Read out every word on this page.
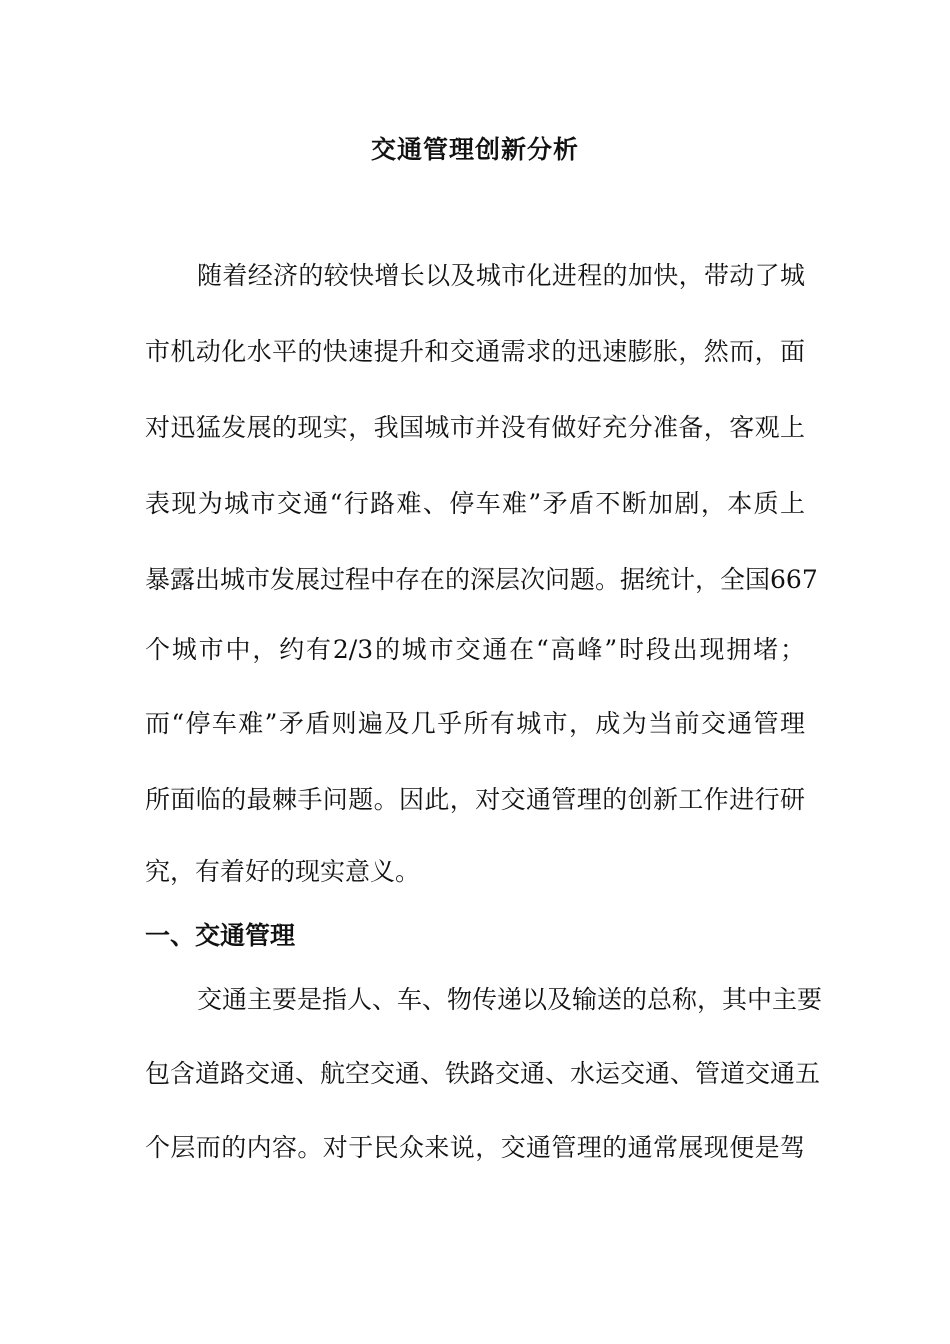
交通管理创新分析
随着经济的较快增长以及城市化进程的加快，带动了城
市机动化水平的快速提升和交通需求的迅速膨胀，然而，面
对迅猛发展的现实，我国城市并没有做好充分准备，客观上
表现为城市交通“行路难、停车难”矛盾不断加剧，本质上
暴露出城市发展过程中存在的深层次问题。据统计，全国667
个城市中，约有2/3的城市交通在“高峰”时段出现拥堵；
而“停车难”矛盾则遍及几乎所有城市，成为当前交通管理
所面临的最棘手问题。因此，对交通管理的创新工作进行研
究，有着好的现实意义。
一、交通管理
交通主要是指人、车、物传递以及输送的总称，其中主要
包含道路交通、航空交通、铁路交通、水运交通、管道交通五
个层而的内容。对于民众来说，交通管理的通常展现便是驾
